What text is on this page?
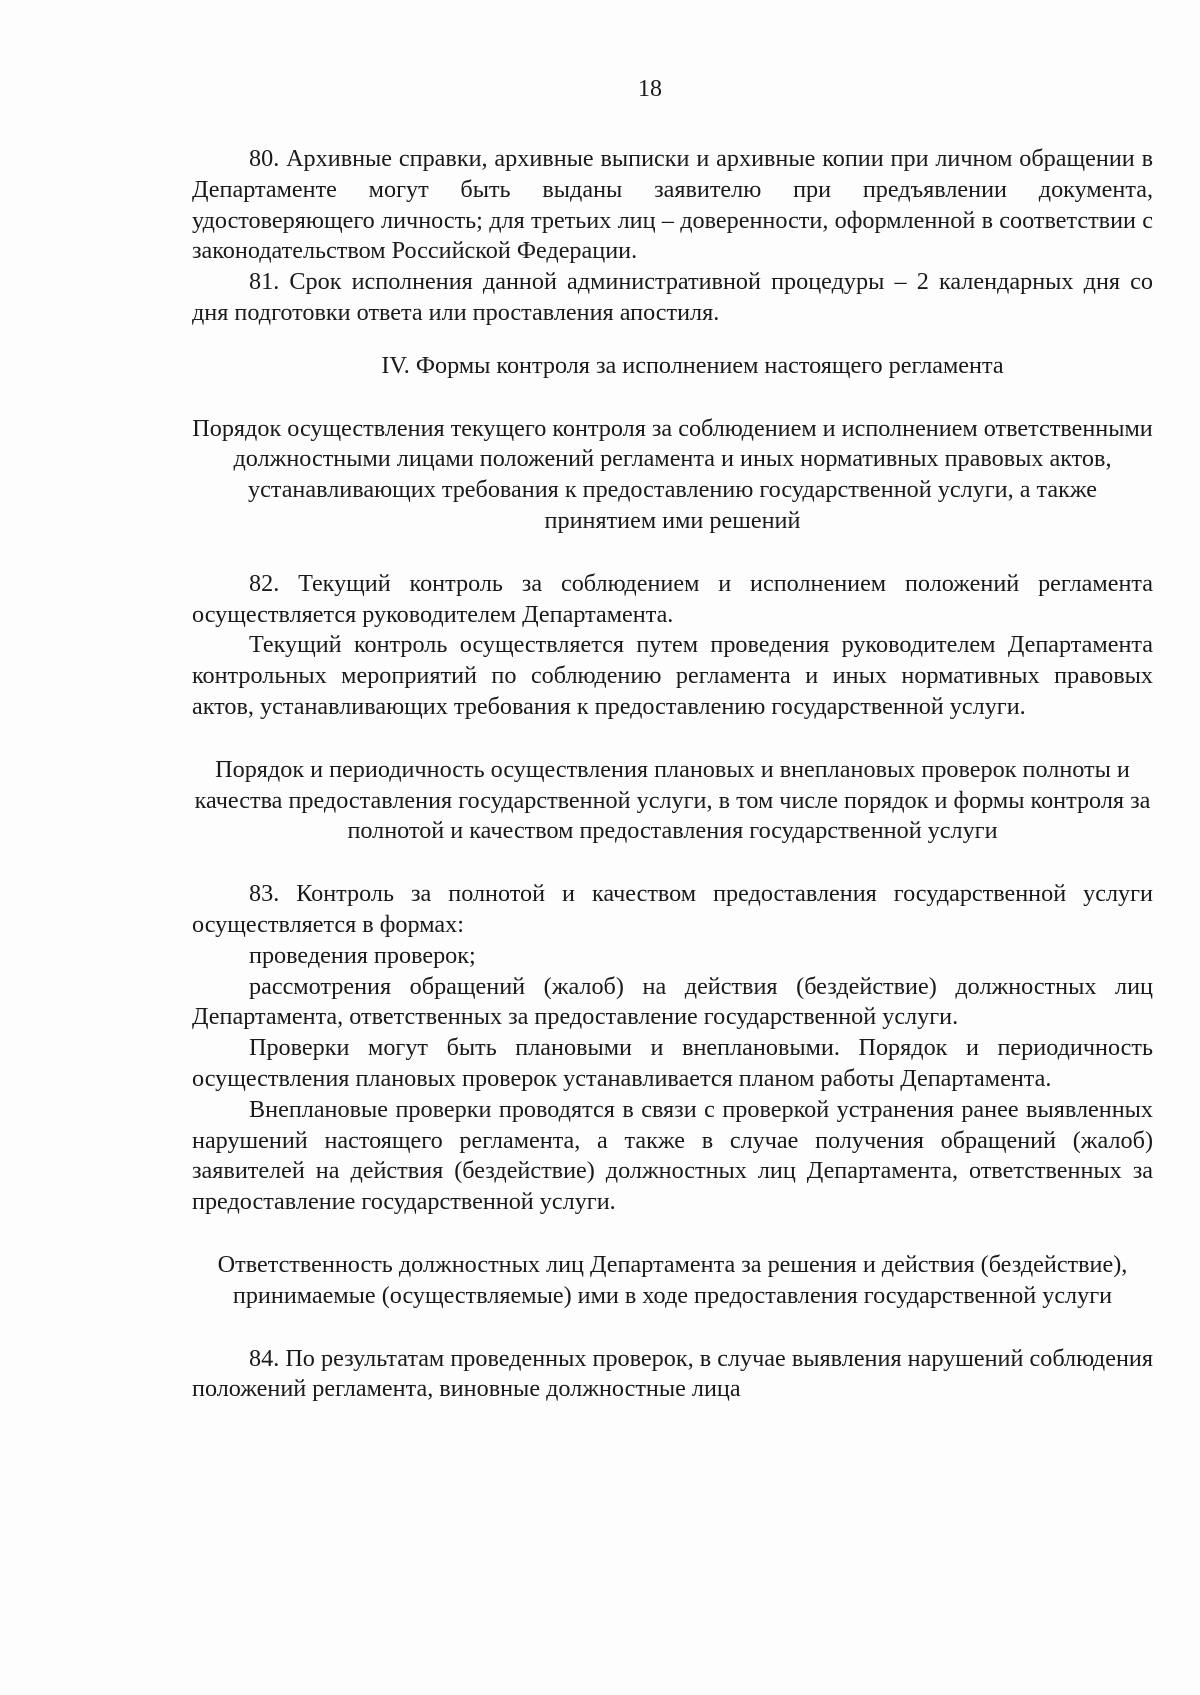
18

80. Архивные справки, архивные выписки и архивные копии при личном обращении в Департаменте могут быть выданы заявителю при предъявлении документа, удостоверяющего личность; для третьих лиц – доверенности, оформленной в соответствии с законодательством Российской Федерации.

81. Срок исполнения данной административной процедуры – 2 календарных дня со дня подготовки ответа или проставления апостиля.

IV. Формы контроля за исполнением настоящего регламента

Порядок осуществления текущего контроля за соблюдением и исполнением ответственными должностными лицами положений регламента и иных нормативных правовых актов, устанавливающих требования к предоставлению государственной услуги, а также принятием ими решений

82. Текущий контроль за соблюдением и исполнением положений регламента осуществляется руководителем Департамента.

Текущий контроль осуществляется путем проведения руководителем Департамента контрольных мероприятий по соблюдению регламента и иных нормативных правовых актов, устанавливающих требования к предоставлению государственной услуги.

Порядок и периодичность осуществления плановых и внеплановых проверок полноты и качества предоставления государственной услуги, в том числе порядок и формы контроля за полнотой и качеством предоставления государственной услуги

83. Контроль за полнотой и качеством предоставления государственной услуги осуществляется в формах:

проведения проверок;

рассмотрения обращений (жалоб) на действия (бездействие) должностных лиц Департамента, ответственных за предоставление государственной услуги.

Проверки могут быть плановыми и внеплановыми. Порядок и периодичность осуществления плановых проверок устанавливается планом работы Департамента.

Внеплановые проверки проводятся в связи с проверкой устранения ранее выявленных нарушений настоящего регламента, а также в случае получения обращений (жалоб) заявителей на действия (бездействие) должностных лиц Департамента, ответственных за предоставление государственной услуги.

Ответственность должностных лиц Департамента за решения и действия (бездействие), принимаемые (осуществляемые) ими в ходе предоставления государственной услуги

84. По результатам проведенных проверок, в случае выявления нарушений соблюдения положений регламента, виновные должностные лица
